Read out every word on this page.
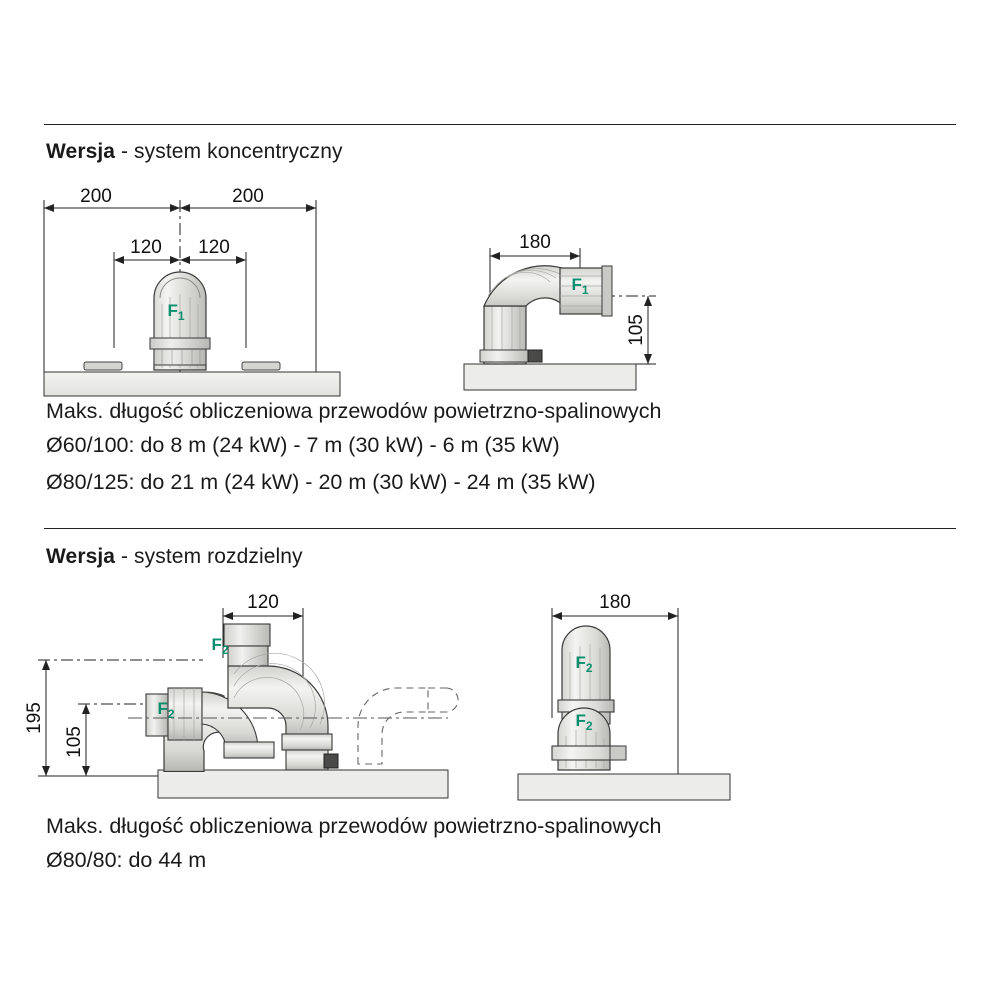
Wersja - system koncentryczny
200	200
120 120
$F_1$
180
105
$F_1$
Maks. długość obliczeniowa przewodów powietrzno-spalinowych
Ø60/100: do 8 m (24 kW) - 7 m (30 kW) - 6 m (35 kW)
Ø80/125: do 21 m (24 kW) - 20 m (30 kW) - 24 m (35 kW)
Wersja - system rozdzielny
120
195
105
$F_2$
$F_2$
180
$F_2$
$F_2$
Maks. długość obliczeniowa przewodów powietrzno-spalinowych
Ø80/80: do 44 m
